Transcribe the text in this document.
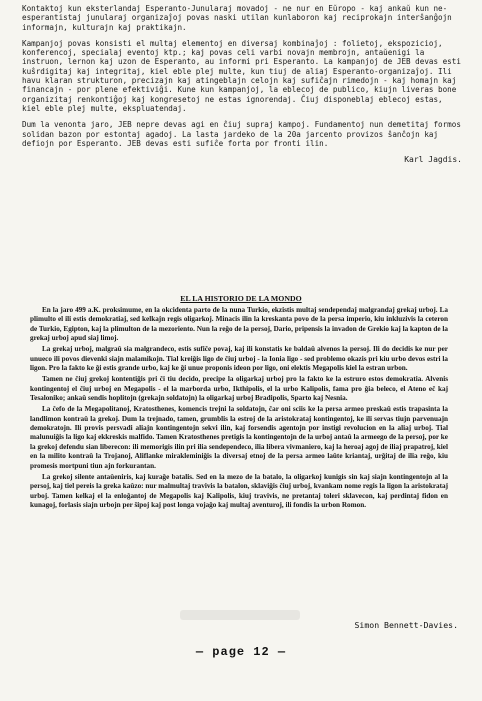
Kontaktoj kun eksterlandaj Esperanto-Junularaj movadoj - ne nur en Eŭropo - kaj ankaŭ kun ne-esperantistaj junularaj organizaĵoj povas naski utilan kunlaboron kaj reciprokajn interŝanĝojn informajn, kulturajn kaj praktikajn.

Kampanjoj povas konsisti el multaj elementoj en diversaj kombinaĵoj : folietoj, ekspozicioj, konferencoj, specialaj eventoj ktp.; kaj povas celi varbi novajn membrojn, antaŭenigi la instruon, lernon kaj uzon de Esperanto, au informi pri Esperanto. La kampanjoj de JEB devas esti kuŝrdigitaj kaj integritaj, kiel eble plej multe, kun tiuj de aliaj Esperanto-organizaĵoj. Ili havu klaran strukturon, precizajn kaj atingeblajn celojn kaj sufiĉajn rimedojn - kaj homajn kaj financajn - por plene efektiviĝi. Kune kun kampanjoj, la eblecoj de publico, kiujn liveras bone organizitaj renkontiĝoj kaj kongresetoj ne estas ignorendaj. Ĉiuj disponeblaj eblecoj estas, kiel eble plej multe, ekspluatendaj.

Dum la venonta jaro, JEB nepre devas agi en ĉiuj supraj kampoj. Fundamentoj nun demetitaj formos solidan bazon por estontaj agadoj. La lasta jardeko de la 20a jarcento provizos ŝanĉojn kaj defiojn por Esperanto. JEB devas esti sufiĉe forta por fronti ilin.

Karl Jagdis.
EL LA HISTORIO DE LA MONDO

En la jaro 499 a.K. proksimume, en la okcidenta parto de la nuna Turkio, ekzistis multaj sendependaj malgrandaj grekaj urboj. La plimulto el ili estis demokratiaj, sed kelkajn regis oligarkoj. Minacis ilin la kreskanta povo de la persa imperio, kiu inkluzivis la ceteron de Turkio, Egipton, kaj la plimulton de la mezoriento. Nun la reĝo de la persoj, Dario, pripensis la invadon de Grekio kaj la kapton de la grekaj urboj apud siaj limoj.

La grekaj urboj, malgraŭ sia malgrandeco, estis sufiĉe povaj, kaj ili konstatis ke baldaŭ alvenos la persoj. Ili do decidis ke nur per unueco ili povos dievenki siajn malamikojn. Tial kreiĝis ligo de ĉiuj urboj - la Ionia ligo - sed problemo okazis pri kiu urbo devos estri la ligon. Pro la fakto ke ĝi estis grande urbo, kaj ke ĝi unue proponis ideon por ligo, oni elektis Megapolis kiel la estran urbon.

Tamen ne ĉiuj grekoj kontentiĝis pri ĉi tiu decido, precipe la oligarkaj urboj pro la fakto ke la estruro estos demokratia. Alvenis kontingentoj el ĉiuj urboj en Megapolis - el la marborda urbo, Ikthipolis, el la urbo Kalipolis, fama pro ĝia beleco, el Ateno eĉ kaj Tesaloniko; ankaŭ sendis hoplitojn (grekajn soldatojn) la oligarkaj urboj Bradipolis, Sparto kaj Nesnia.

La ĉefo de la Megapolitanoj, Kratosthenes, komencis trejni la soldatojn, ĉar oni sciis ke la persa armeo preskaŭ estis trapasinta la landlimon kontraŭ la grekoj. Dum la trejnado, tamen, grumblis la estroj de la aristokrataj kontingentoj, ke ili servas tiujn parvenuajn demokratojn. Ili provis persvadi aliajn kontingentojn sekvi ilin, kaj forsendis agentojn por instigi revolucion en la aliaj urboj. Tial malunuiĝis la ligo kaj ekkreskis malfido. Tamen Kratosthenes pretigis la kontingentojn de la urboj antaŭ la armeego de la persoj, por ke la grekoj defendu sian liberecon: ili memorigis ilin pri ilia sendependeco, ilia libera vivmaniero, kaj la heroaj agoj de iliaj prapatroj, kiel en la milito kontraŭ la Trojanoj, Aliflanke mirakleminiĝis la diversaj etnoj de la persa armeo laŭte kriantaj, urĝitaj de ilia reĝo, kiu promesis mortpuni tiun ajn forkurantan.

La grekoj silente antaŭeniris, kaj kuraĝe batalis. Sed en la mezo de la batalo, la oligarkoj kunigis sin kaj siajn kontingentojn al la persoj, kaj tiel pereis la greka kaŭzo: nur malmultaj travivis la batalon, sklaviĝis ĉiuj urboj, kvankam nome regis la ligon la aristokrataj urboj. Tamen kelkaj el la enloĝantoj de Megapolis kaj Kalipolis, kiuj travivis, ne pretantaj toleri sklavecon, kaj perdintaj fidon en kunagoj, forlasis siajn urbojn per ŝipoj kaj post longa vojaĝo kaj multaj aventuroj, ili fondis la urbon Romon.

Simon Bennett-Davies.
— page 12 —
